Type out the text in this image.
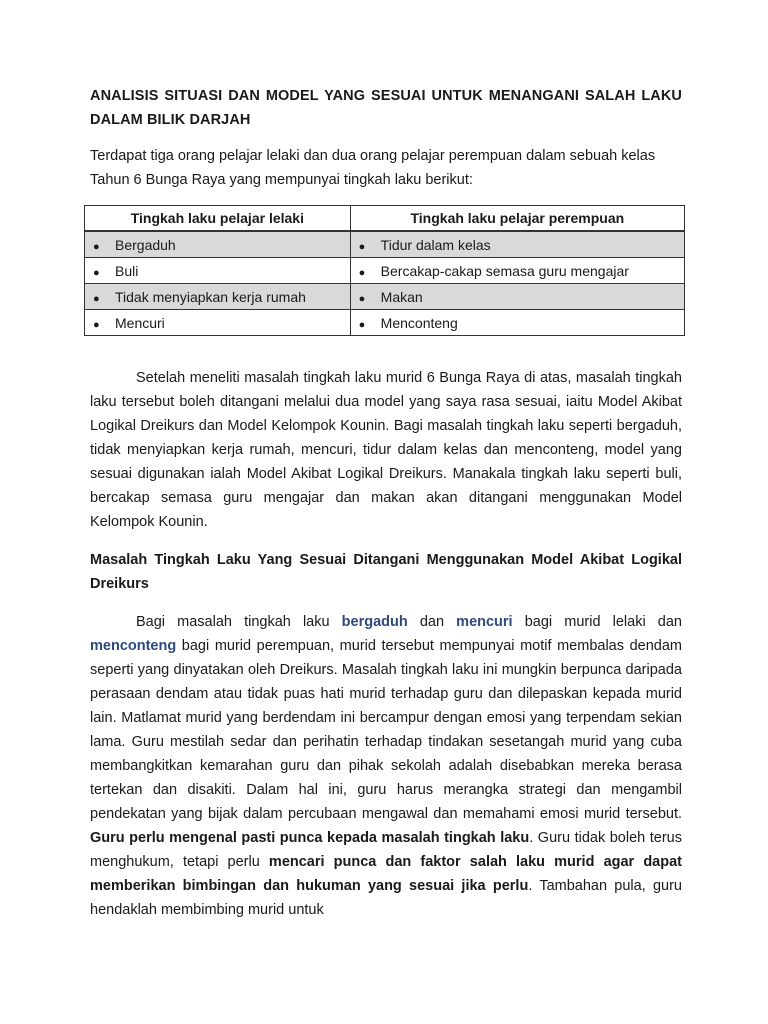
ANALISIS SITUASI DAN MODEL YANG SESUAI UNTUK MENANGANI SALAH LAKU DALAM BILIK DARJAH

Terdapat tiga orang pelajar lelaki dan dua orang pelajar perempuan dalam sebuah kelas Tahun 6 Bunga Raya yang mempunyai tingkah laku berikut:

Tingkah laku pelajar lelaki	Tingkah laku pelajar perempuan
● Bergaduh	● Tidur dalam kelas
● Buli	● Bercakap-cakap semasa guru mengajar
● Tidak menyiapkan kerja rumah	● Makan
● Mencuri	● Menconteng

Setelah meneliti masalah tingkah laku murid 6 Bunga Raya di atas, masalah tingkah laku tersebut boleh ditangani melalui dua model yang saya rasa sesuai, iaitu Model Akibat Logikal Dreikurs dan Model Kelompok Kounin. Bagi masalah tingkah laku seperti bergaduh, tidak menyiapkan kerja rumah, mencuri, tidur dalam kelas dan menconteng, model yang sesuai digunakan ialah Model Akibat Logikal Dreikurs. Manakala tingkah laku seperti buli, bercakap semasa guru mengajar dan makan akan ditangani menggunakan Model Kelompok Kounin.

Masalah Tingkah Laku Yang Sesuai Ditangani Menggunakan Model Akibat Logikal Dreikurs

Bagi masalah tingkah laku bergaduh dan mencuri bagi murid lelaki dan menconteng bagi murid perempuan, murid tersebut mempunyai motif membalas dendam seperti yang dinyatakan oleh Dreikurs. Masalah tingkah laku ini mungkin berpunca daripada perasaan dendam atau tidak puas hati murid terhadap guru dan dilepaskan kepada murid lain. Matlamat murid yang berdendam ini bercampur dengan emosi yang terpendam sekian lama. Guru mestilah sedar dan perihatin terhadap tindakan sesetangah murid yang cuba membangkitkan kemarahan guru dan pihak sekolah adalah disebabkan mereka berasa tertekan dan disakiti. Dalam hal ini, guru harus merangka strategi dan mengambil pendekatan yang bijak dalam percubaan mengawal dan memahami emosi murid tersebut. Guru perlu mengenal pasti punca kepada masalah tingkah laku. Guru tidak boleh terus menghukum, tetapi perlu mencari punca dan faktor salah laku murid agar dapat memberikan bimbingan dan hukuman yang sesuai jika perlu. Tambahan pula, guru hendaklah membimbing murid untuk
